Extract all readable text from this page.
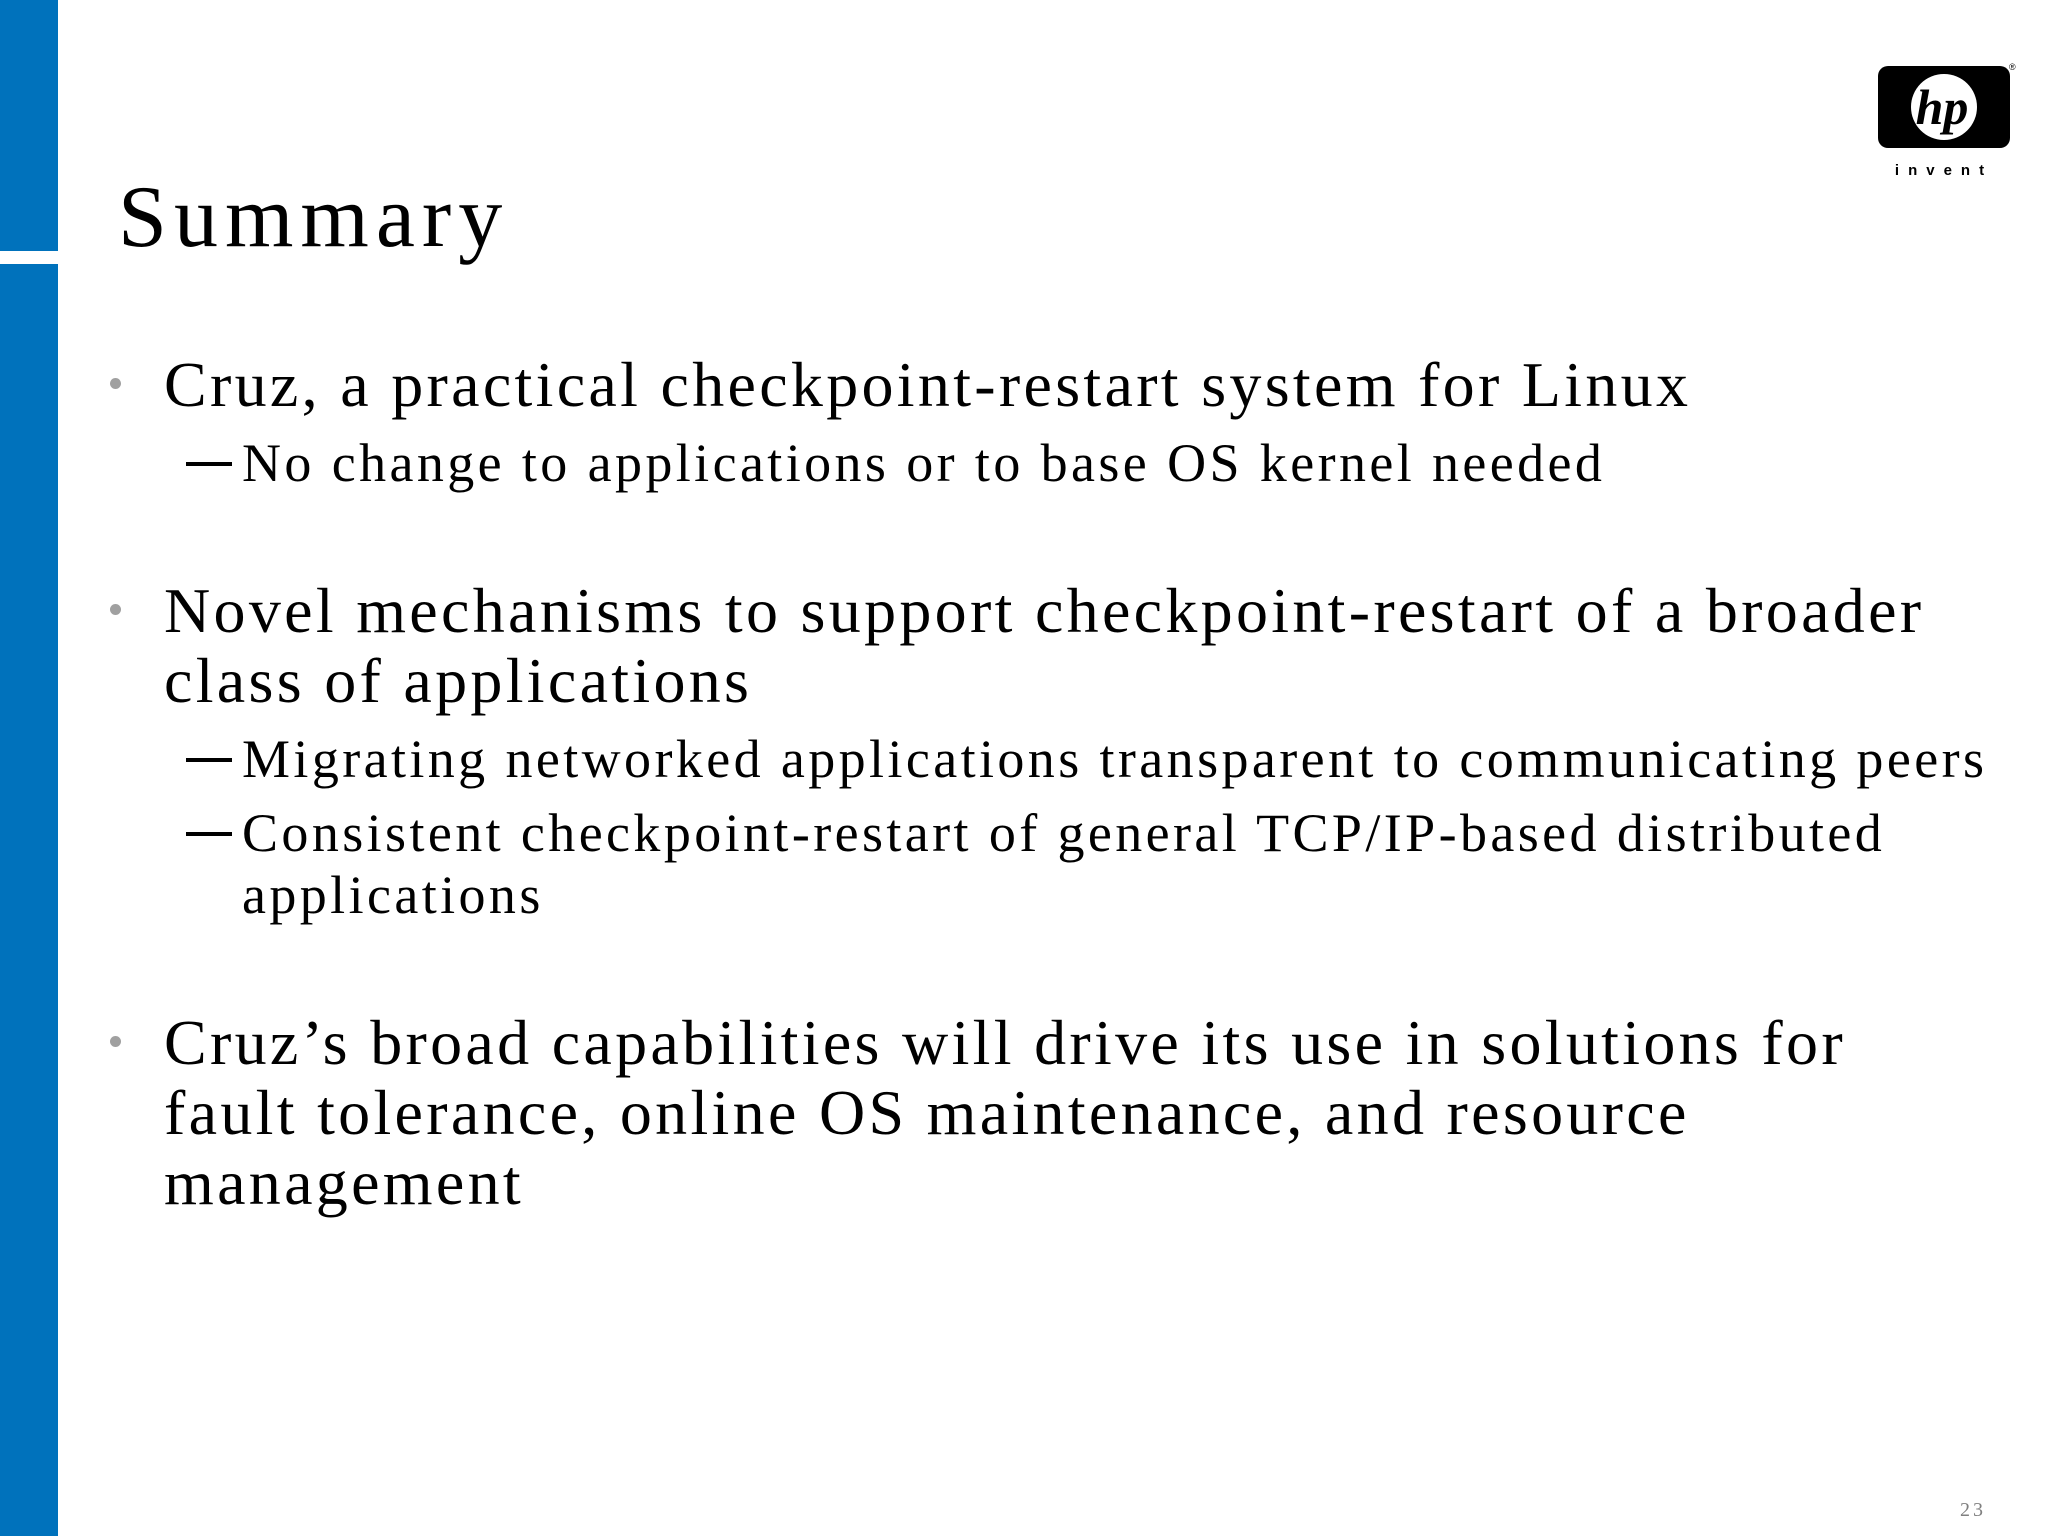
hp
®
invent
Summary
Cruz, a practical checkpoint-restart system for Linux
No change to applications or to base OS kernel needed
Novel mechanisms to support checkpoint-restart of a broader class of applications
Migrating networked applications transparent to communicating peers
Consistent checkpoint-restart of general TCP/IP-based distributed applications
Cruz’s broad capabilities will drive its use in solutions for fault tolerance, online OS maintenance, and resource management
23
